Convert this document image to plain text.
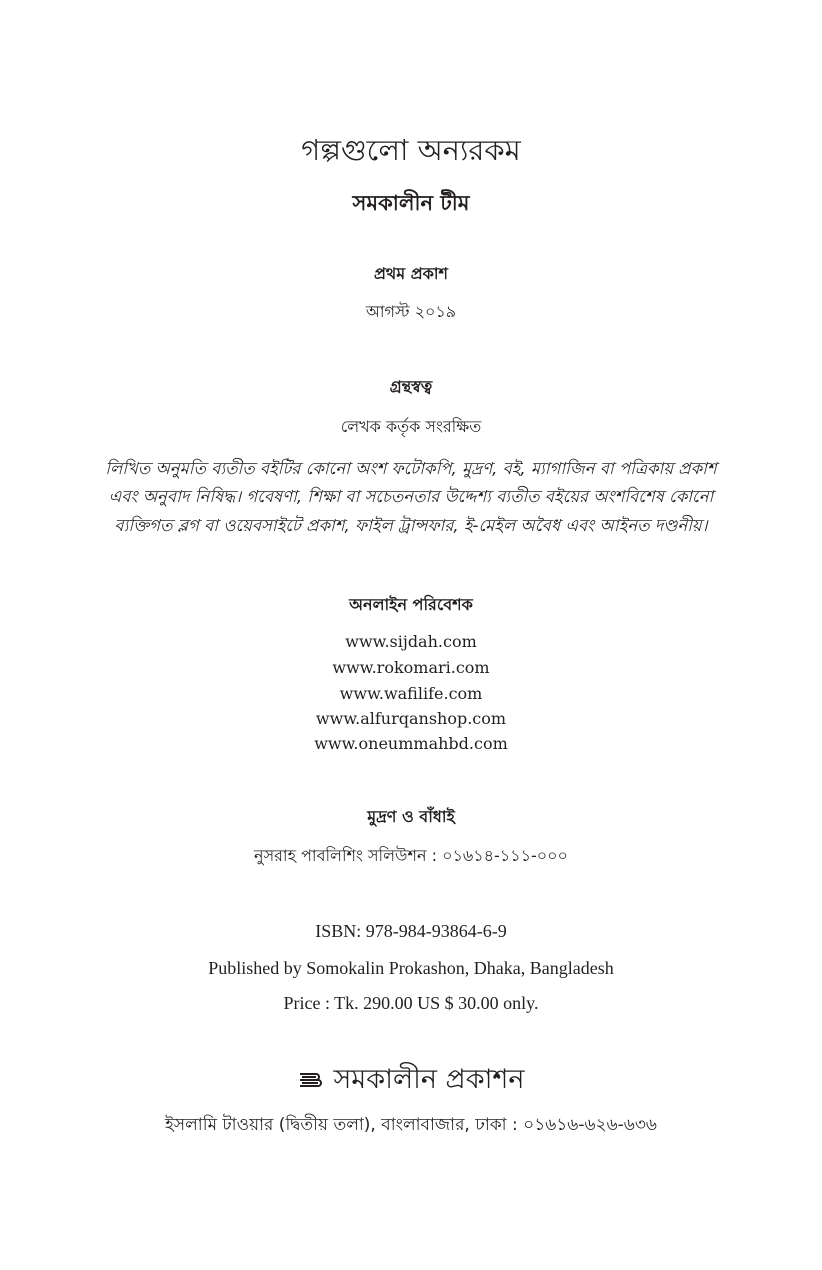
গল্পগুলো অন্যরকম
সমকালীন টীম
প্রথম প্রকাশ
আগস্ট ২০১৯
গ্রন্থস্বত্ব
লেখক কর্তৃক সংরক্ষিত
লিখিত অনুমতি ব্যতীত বইটির কোনো অংশ ফটোকপি, মুদ্রণ, বই, ম্যাগাজিন বা পত্রিকায় প্রকাশ
এবং অনুবাদ নিষিদ্ধ। গবেষণা, শিক্ষা বা সচেতনতার উদ্দেশ্য ব্যতীত বইয়ের অংশবিশেষ কোনো
ব্যক্তিগত ব্লগ বা ওয়েবসাইটে প্রকাশ, ফাইল ট্রান্সফার, ই-মেইল অবৈধ এবং আইনত দণ্ডনীয়।
অনলাইন পরিবেশক
www.sijdah.com
www.rokomari.com
www.wafilife.com
www.alfurqanshop.com
www.oneummahbd.com
মুদ্রণ ও বাঁধাই
নুসরাহ পাবলিশিং সলিউশন : ০১৬১৪-১১১-০০০
ISBN: 978-984-93864-6-9
Published by Somokalin Prokashon, Dhaka, Bangladesh
Price : Tk. 290.00 US $ 30.00 only.
সমকালীন প্রকাশন
ইসলামি টাওয়ার (দ্বিতীয় তলা), বাংলাবাজার, ঢাকা : ০১৬১৬-৬২৬-৬৩৬
